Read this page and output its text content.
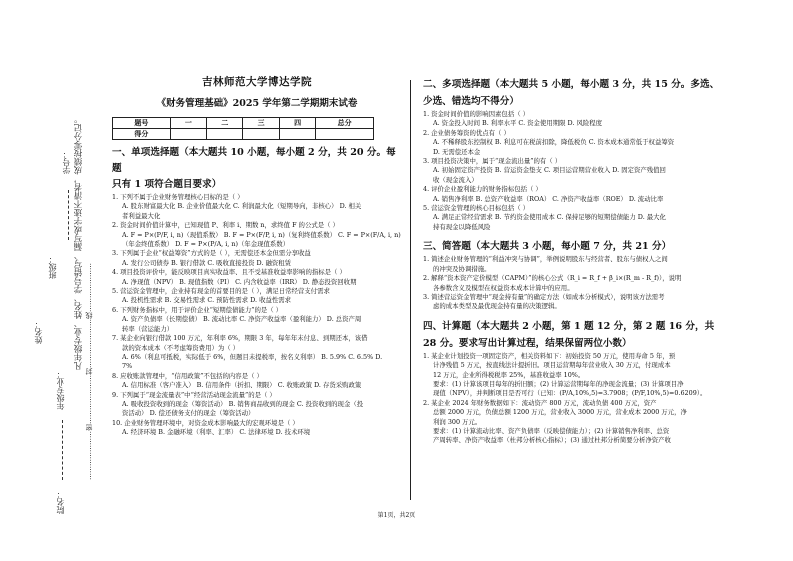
学号：
班级：
姓名：	凡年级专业、姓名、学号错写、漏写或字迹不清者，成绩按零分记。
…………………密…………………封…………………线…………………
年级专业：
院名：
吉林师范大学博达学院
《财务管理基础》2025 学年第二学期期末试卷
题号	一	二	三	四	总分
得分					
一、单项选择题（本大题共 10 小题，每小题 2 分，共 20 分。每题
只有 1 项符合题目要求）

1. 下列不属于企业财务管理核心目标的是（ ）

A. 股东财富最大化 B. 企业价值最大化 C. 利润最大化（短期导向，非核心） D. 相关

者利益最大化

2. 资金时间价值计算中，已知现值 P、利率 i、期数 n，求终值 F 的公式是（ ）

A. F = P×(P/F, i, n)（现值系数） B. F = P×(F/P, i, n)（复利终值系数） C. F = P×(F/A, i, n)

（年金终值系数） D. F = P×(P/A, i, n)（年金现值系数）

3. 下列属于企业“权益筹资”方式的是（ ），无需偿还本金但需分享收益

A. 发行公司债券 B. 银行借款 C. 吸收直接投资 D. 融资租赁

4. 项目投资评价中，能反映项目真实收益率、且不受基准收益率影响的指标是（ ）

A. 净现值（NPV） B. 现值指数（PI） C. 内含收益率（IRR） D. 静态投资回收期

5. 营运资金管理中，企业持有现金的首要目的是（ ），满足日常经营支付需求

A. 投机性需求 B. 交易性需求 C. 预防性需求 D. 收益性需求

6. 下列财务指标中，用于评价企业“短期偿债能力”的是（ ）

A. 资产负债率（长期偿债） B. 流动比率 C. 净资产收益率（盈利能力） D. 总资产周

转率（营运能力）

7. 某企业向银行借款 100 万元，年利率 6%，期限 3 年，每年年末付息、到期还本，该借

款的资本成本（不考虑筹资费用）为（ ）

A. 6%（利息可抵税，实际低于 6%，但题目未提税率，按名义利率） B. 5.9% C. 6.5% D.

7%

8. 应收账款管理中，“信用政策”不包括的内容是（ ）

A. 信用标准（客户准入） B. 信用条件（折扣、期限） C. 收账政策 D. 存货采购政策

9. 下列属于“现金流量表”中“经营活动现金流量”的是（ ）

A. 吸收投资收到的现金（筹资活动） B. 销售商品收到的现金 C. 投资收到的现金（投

资活动） D. 偿还债务支付的现金（筹资活动）

10. 企业财务管理环境中，对资金成本影响最大的宏观环境是（ ）

A. 经济环境 B. 金融环境（利率、汇率） C. 法律环境 D. 技术环境

二、多项选择题（本大题共 5 小题，每小题 3 分，共 15 分。多选、
少选、错选均不得分）

1. 资金时间价值的影响因素包括（ ）

A. 资金投入时间 B. 利率水平 C. 资金使用期限 D. 风险程度

2. 企业债务筹资的优点有（ ）

A. 不稀释股东控制权 B. 利息可在税前扣除，降低税负 C. 资本成本通常低于权益筹资

D. 无需偿还本金

3. 项目投资决策中，属于“现金流出量”的有（ ）

A. 初始固定资产投资 B. 营运资金垫支 C. 项目运营期营业收入 D. 固定资产残值回

收（现金流入）

4. 评价企业盈利能力的财务指标包括（ ）

A. 销售净利率 B. 总资产收益率（ROA） C. 净资产收益率（ROE） D. 流动比率

5. 营运资金管理的核心目标包括（ ）

A. 满足正常经营需求 B. 节约资金使用成本 C. 保持足够的短期偿债能力 D. 最大化

持有现金以降低风险

三、简答题（本大题共 3 小题，每小题 7 分，共 21 分）

1. 简述企业财务管理的“利益冲突与协调”，举例说明股东与经营者、股东与债权人之间

的冲突及协调措施。

2. 解释“资本资产定价模型（CAPM）”的核心公式（R_i = R_f + β_i×(R_m - R_f)），说明

各参数含义及模型在权益资本成本计算中的应用。

3. 简述营运资金管理中“现金持有量”的确定方法（如成本分析模式），说明该方法需考

虑的成本类型及最优现金持有量的决策逻辑。

四、计算题（本大题共 2 小题，第 1 题 12 分，第 2 题 16 分，共
28 分。要求写出计算过程，结果保留两位小数）

1. 某企业计划投资一项固定资产，相关资料如下：初始投资 50 万元，使用寿命 5 年，预

计净残值 5 万元，按直线法计提折旧。项目运营期每年营业收入 30 万元，付现成本

12 万元，企业所得税税率 25%，基准收益率 10%。

要求：(1) 计算该项目每年的折旧额；(2) 计算运营期每年的净现金流量；(3) 计算项目净

现值（NPV），并判断项目是否可行（已知：(P/A,10%,5)=3.7908；(P/F,10%,5)=0.6209）。

2. 某企业 2024 年财务数据如下：流动资产 800 万元，流动负债 400 万元，资产

总额 2000 万元，负债总额 1200 万元，营业收入 3000 万元，营业成本 2000 万元，净

利润 300 万元。

要求：(1) 计算流动比率、资产负债率（反映偿债能力）；(2) 计算销售净利率、总资

产周转率、净资产收益率（杜邦分析核心指标）；(3) 通过杜邦分析简要分析净资产收

第1页，共2页
